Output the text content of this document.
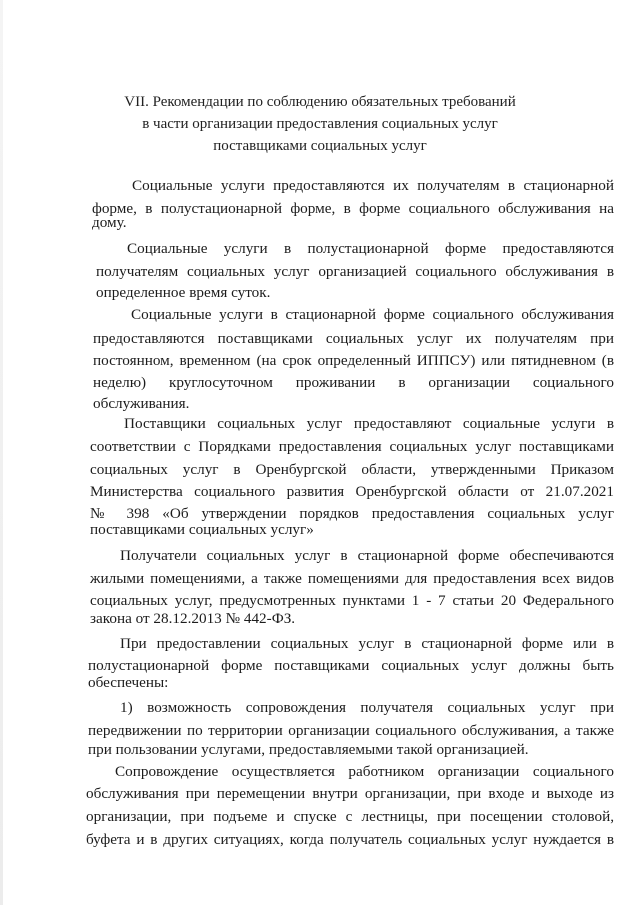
VII. Рекомендации по соблюдению обязательных требований
в части организации предоставления социальных услуг
поставщиками социальных услуг
Социальные услуги предоставляются их получателям в стационарной
форме, в полустационарной форме, в форме социального обслуживания на
дому.
Социальные услуги в полустационарной форме предоставляются
получателям социальных услуг организацией социального обслуживания в
определенное время суток.
Социальные услуги в стационарной форме социального обслуживания
предоставляются поставщиками социальных услуг их получателям при
постоянном, временном (на срок определенный ИППСУ) или пятидневном (в
неделю) круглосуточном проживании в организации социального
обслуживания.
Поставщики социальных услуг предоставляют социальные услуги в
соответствии с Порядками предоставления социальных услуг поставщиками
социальных услуг в Оренбургской области, утвержденными Приказом
Министерства социального развития Оренбургской области от 21.07.2021
№ 398 «Об утверждении порядков предоставления социальных услуг
поставщиками социальных услуг»
Получатели социальных услуг в стационарной форме обеспечиваются
жилыми помещениями, а также помещениями для предоставления всех видов
социальных услуг, предусмотренных пунктами 1 - 7 статьи 20 Федерального
закона от 28.12.2013 № 442-ФЗ.
При предоставлении социальных услуг в стационарной форме или в
полустационарной форме поставщиками социальных услуг должны быть
обеспечены:
1) возможность сопровождения получателя социальных услуг при
передвижении по территории организации социального обслуживания, а также
при пользовании услугами, предоставляемыми такой организацией.
Сопровождение осуществляется работником организации социального
обслуживания при перемещении внутри организации, при входе и выходе из
организации, при подъеме и спуске с лестницы, при посещении столовой,
буфета и в других ситуациях, когда получатель социальных услуг нуждается в
